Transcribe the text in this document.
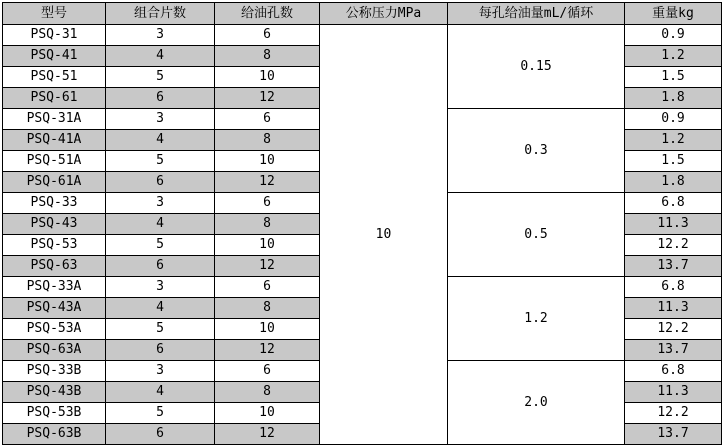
型号	组合片数	给油孔数	公称压力MPa	每孔给油量mL/循环	重量kg
PSQ-31	3	6	10	0.15	0.9
PSQ-41	4	8			1.2
PSQ-51	5	10			1.5
PSQ-61	6	12			1.8
PSQ-31A	3	6		0.3	0.9
PSQ-41A	4	8			1.2
PSQ-51A	5	10			1.5
PSQ-61A	6	12			1.8
PSQ-33	3	6		0.5	6.8
PSQ-43	4	8			11.3
PSQ-53	5	10			12.2
PSQ-63	6	12			13.7
PSQ-33A	3	6		1.2	6.8
PSQ-43A	4	8			11.3
PSQ-53A	5	10			12.2
PSQ-63A	6	12			13.7
PSQ-33B	3	6		2.0	6.8
PSQ-43B	4	8			11.3
PSQ-53B	5	10			12.2
PSQ-63B	6	12			13.7
